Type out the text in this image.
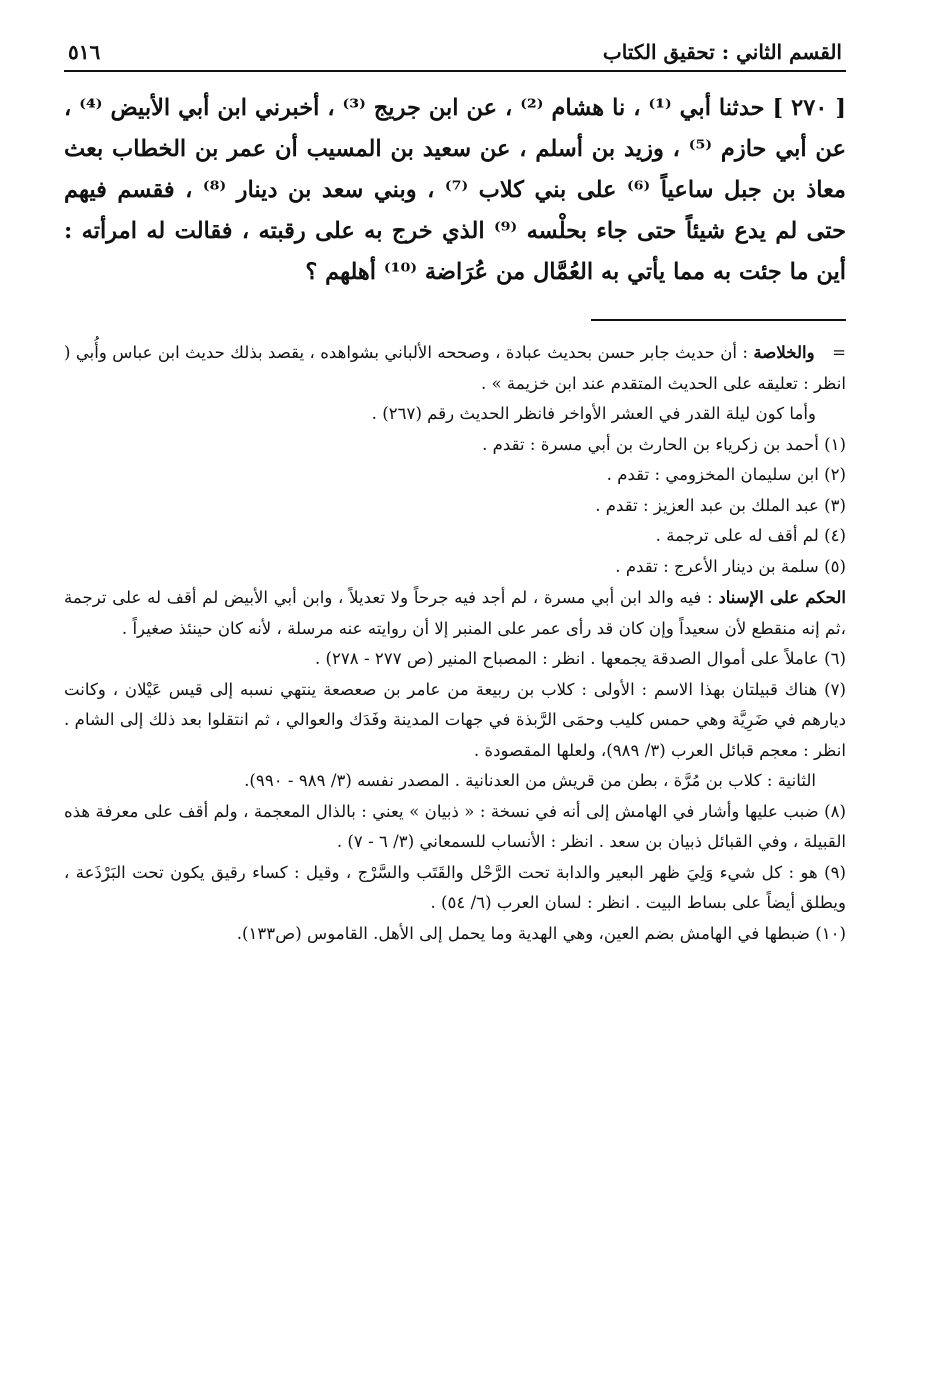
القسم الثاني : تحقيق الكتاب
٥١٦
[ ٢٧٠ ] حدثنا أبي ⁽¹⁾ ، نا هشام ⁽²⁾ ، عن ابن جريج ⁽³⁾ ، أخبرني ابن أبي الأبيض ⁽⁴⁾ ، عن أبي حازم ⁽⁵⁾ ، وزيد بن أسلم ، عن سعيد بن المسيب أن عمر بن الخطاب بعث معاذ بن جبل ساعياً ⁽⁶⁾ على بني كلاب ⁽⁷⁾ ، وبني سعد بن دينار ⁽⁸⁾ ، فقسم فيهم حتى لم يدع شيئاً حتى جاء بحلْسه ⁽⁹⁾ الذي خرج به على رقبته ، فقالت له امرأته : أين ما جئت به مما يأتي به العُمَّال من عُرَاضة ⁽¹⁰⁾ أهلهم ؟

= والخلاصة : أن حديث جابر حسن بحديث عبادة ، وصححه الألباني بشواهده ، يقصد بذلك حديث ابن عباس وأُبي ( انظر : تعليقه على الحديث المتقدم عند ابن خزيمة » .

وأما كون ليلة القدر في العشر الأواخر فانظر الحديث رقم (٢٦٧) .

(١) أحمد بن زكرياء بن الحارث بن أبي مسرة : تقدم .

(٢) ابن سليمان المخزومي : تقدم .

(٣) عبد الملك بن عبد العزيز : تقدم .

(٤) لم أقف له على ترجمة .

(٥) سلمة بن دينار الأعرج : تقدم .

الحكم على الإسناد : فيه والد ابن أبي مسرة ، لم أجد فيه جرحاً ولا تعديلاً ، وابن أبي الأبيض لم أقف له على ترجمة ،ثم إنه منقطع لأن سعيداً وإن كان قد رأى عمر على المنبر إلا أن روايته عنه مرسلة ، لأنه كان حينئذ صغيراً .

(٦) عاملاً على أموال الصدقة يجمعها . انظر : المصباح المنير (ص ٢٧٧ - ٢٧٨) .

(٧) هناك قبيلتان بهذا الاسم : الأولى : كلاب بن ربيعة من عامر بن صعصعة ينتهي نسبه إلى قيس عَيْلان ، وكانت ديارهم في ضَرِيَّة وهي حمس كليب وحمَى الرَّبذة في جهات المدينة وفَدَك والعوالي ، ثم انتقلوا بعد ذلك إلى الشام . انظر : معجم قبائل العرب (٣/ ٩٨٩)، ولعلها المقصودة .

الثانية : كلاب بن مُرَّة ، بطن من قريش من العدنانية . المصدر نفسه (٣/ ٩٨٩ - ٩٩٠).

(٨) ضبب عليها وأشار في الهامش إلى أنه في نسخة : « ذبيان » يعني : بالذال المعجمة ، ولم أقف على معرفة هذه القبيلة ، وفي القبائل ذبيان بن سعد . انظر : الأنساب للسمعاني (٣/ ٦ - ٧) .

(٩) هو : كل شيء وَلِيَ ظهر البعير والدابة تحت الرَّحْل والقَتَب والسَّرْج ، وقيل : كساء رقيق يكون تحت البَرْذَعة ، ويطلق أيضاً على بساط البيت . انظر : لسان العرب (٦/ ٥٤) .

(١٠) ضبطها في الهامش بضم العين، وهي الهدية وما يحمل إلى الأهل. القاموس (ص١٣٣).
